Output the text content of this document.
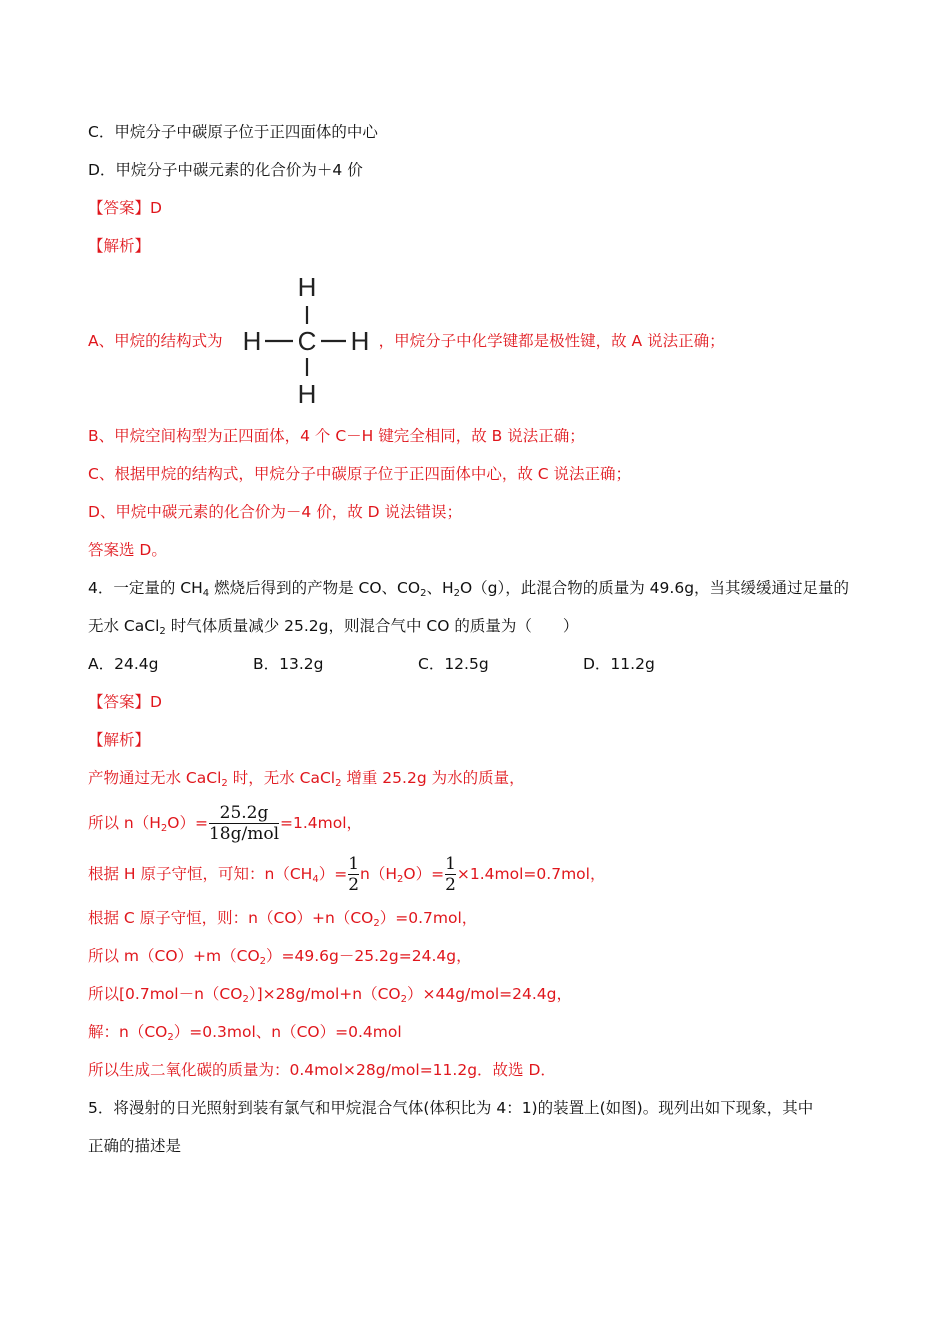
C．甲烷分子中碳原子位于正四面体的中心
D．甲烷分子中碳元素的化合价为＋4 价
【答案】D
【解析】
A、甲烷的结构式为	，甲烷分子中化学键都是极性键，故 A 说法正确；
H
H C H
H
B、甲烷空间构型为正四面体，4 个 C－H 键完全相同，故 B 说法正确；
C、根据甲烷的结构式，甲烷分子中碳原子位于正四面体中心，故 C 说法正确；
D、甲烷中碳元素的化合价为－4 价，故 D 说法错误；
答案选 D。
4．一定量的 $CH_4$ 燃烧后得到的产物是 CO、$CO_2$、$H_2O(g)$，此混合物的质量为 49.6g，当其缓缓通过足量的
无水 CaCl$_2$ 时气体质量减少 25.2g，则混合气中 CO 的质量为（　　）
A．24.4g	B．13.2g	C．12.5g	D．11.2g
【答案】D
【解析】
产物通过无水 CaCl$_2$ 时，无水 CaCl$_2$ 增重 25.2g 为水的质量，
所以 $n(H_2O)= \frac{25.2g}{\text{18g/mol}} =1.4mol$，
根据 H 原子守恒，可知：$n(CH_4)= \frac{1}{2} n(H_2O)= \frac{1}{2} \times 1.4mol=0.7mol$，
根据 C 原子守恒，则：$n(CO)+n(CO_2)=0.7mol$，
所以 $m(CO)+m(CO_2)=49.6g-25.2g=24.4g$，
所以$[0.7mol-n(CO_2)]\times 28g/mol+n(CO_2)\times 44g/mol=24.4g$，
解：$n(CO_2)=0.3mol$、n（CO）=0.4mol
所以生成二氧化碳的质量为：0.4mol×28g/mol=11.2g．故选 D．
5．将漫射的日光照射到装有氯气和甲烷混合气体(体积比为 4：1)的装置上(如图)。现列出如下现象，其中
正确的描述是
